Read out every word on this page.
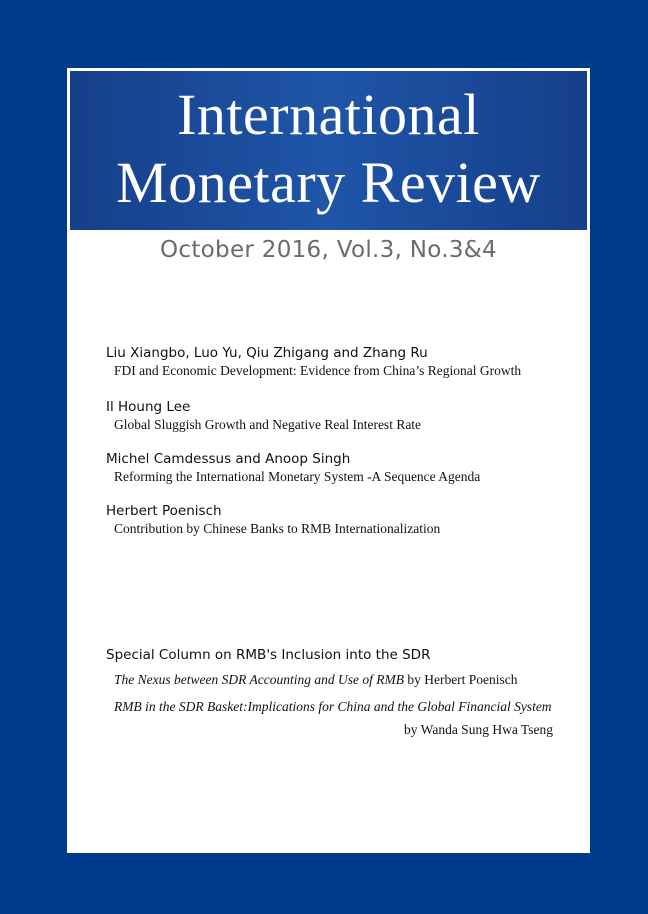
International
Monetary Review
October 2016, Vol.3, No.3&4
Liu Xiangbo, Luo Yu, Qiu Zhigang and Zhang Ru
FDI and Economic Development: Evidence from China’s Regional Growth
Il Houng Lee
Global Sluggish Growth and Negative Real Interest Rate
Michel Camdessus and Anoop Singh
Reforming the International Monetary System -A Sequence Agenda
Herbert Poenisch
Contribution by Chinese Banks to RMB Internationalization
Special Column on RMB's Inclusion into the SDR
The Nexus between SDR Accounting and Use of RMB by Herbert Poenisch
RMB in the SDR Basket:Implications for China and the Global Financial System
by Wanda Sung Hwa Tseng
